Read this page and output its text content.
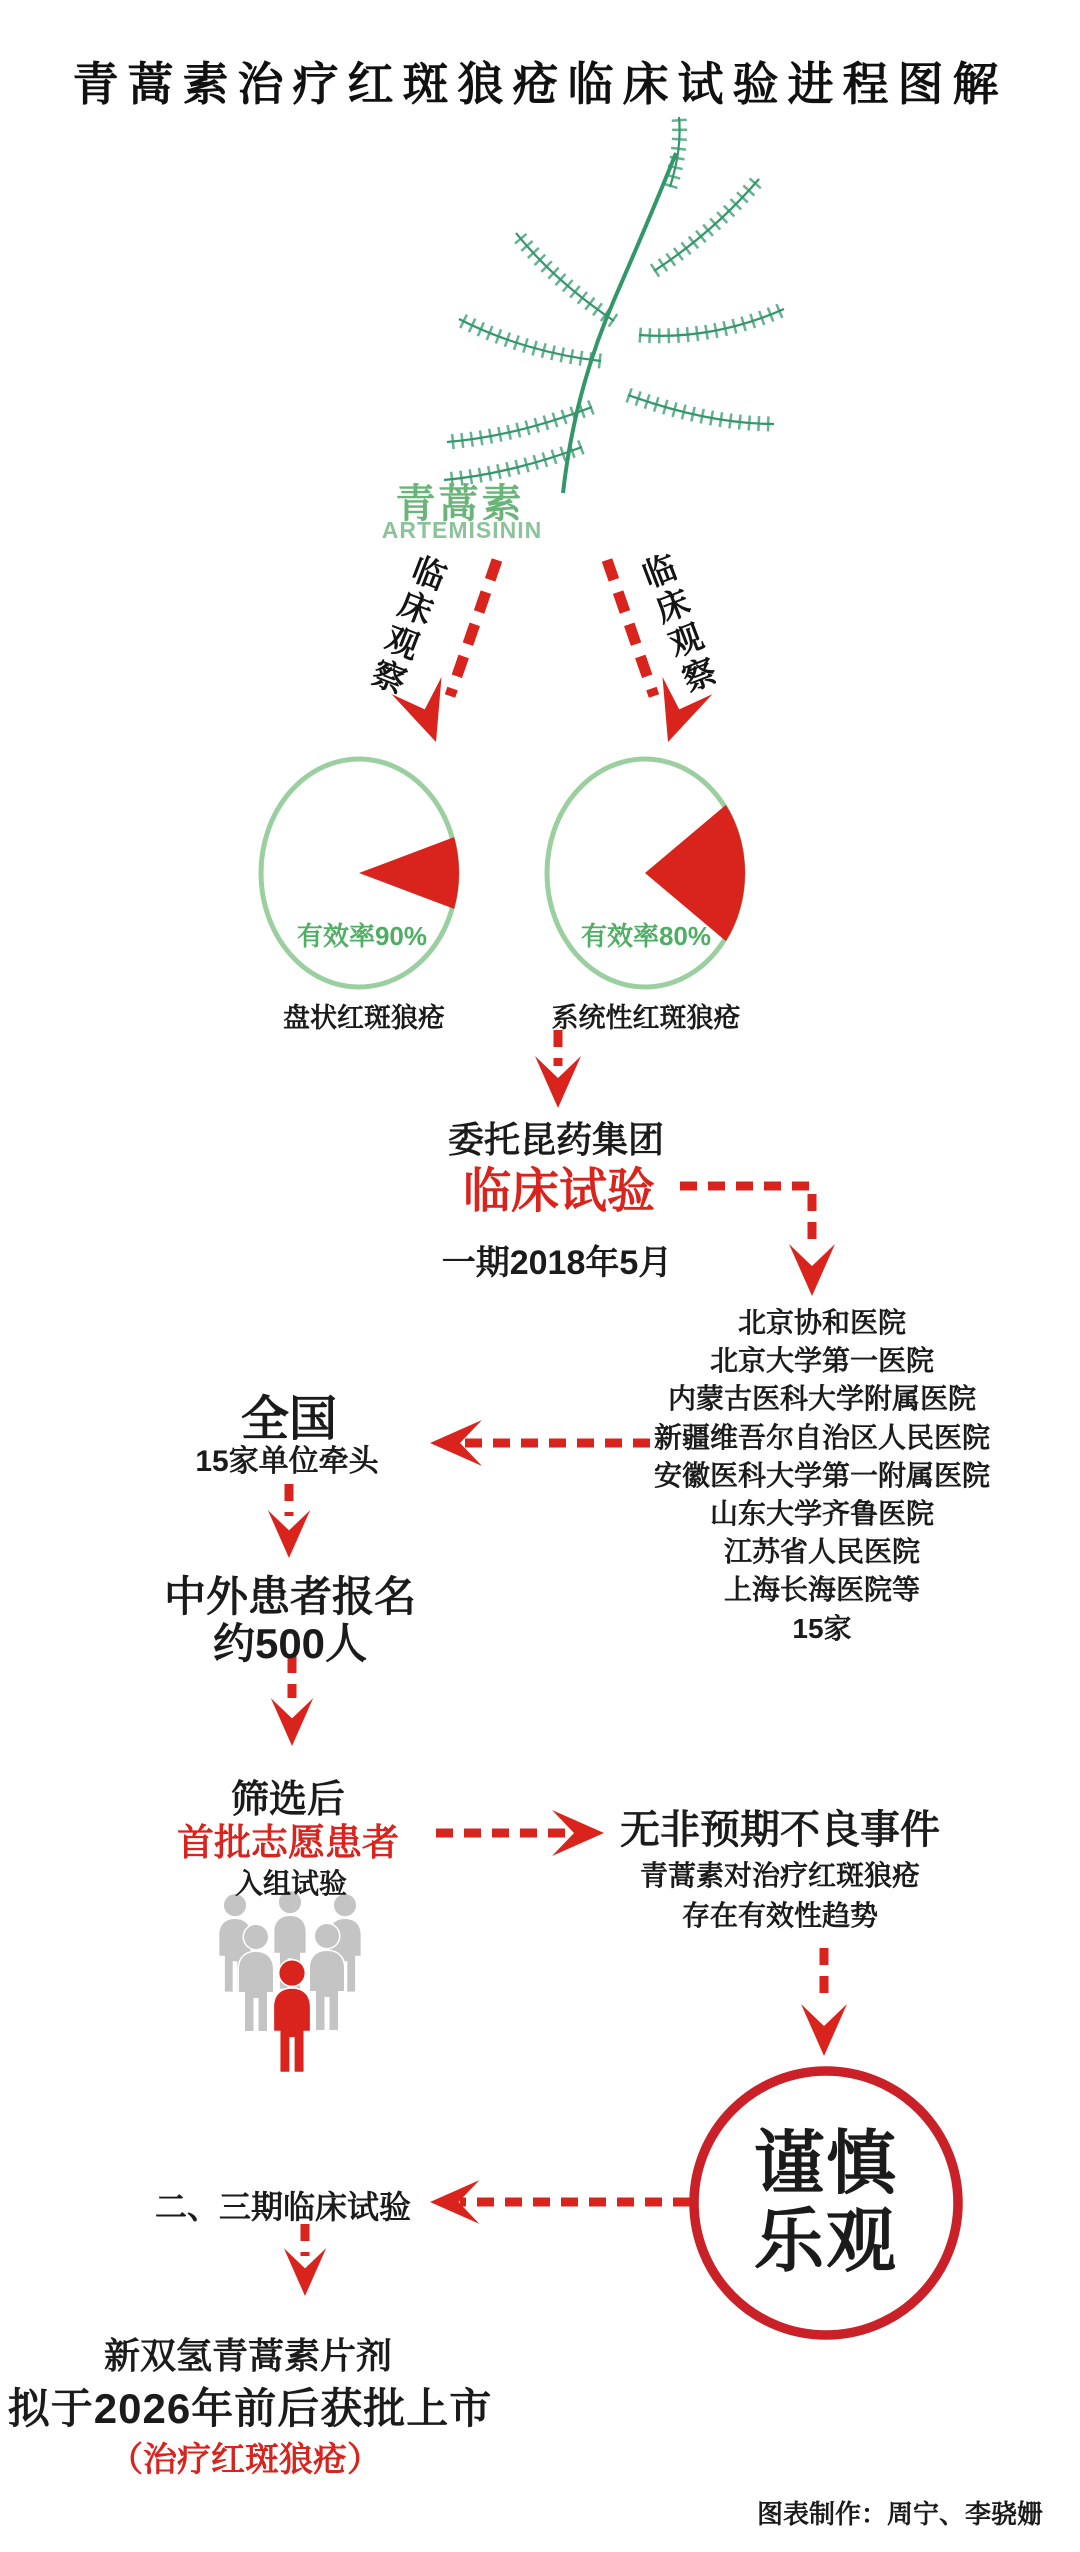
青蒿素治疗红斑狼疮临床试验进程图解
青蒿素
ARTEMISININ
临床观察	临床观察
有效率90%	有效率80%
盘状红斑狼疮	系统性红斑狼疮
委托昆药集团
临床试验
一期2018年5月
北京协和医院
北京大学第一医院
内蒙古医科大学附属医院
新疆维吾尔自治区人民医院
安徽医科大学第一附属医院
山东大学齐鲁医院
江苏省人民医院
上海长海医院等
15家
全国
15家单位牵头
中外患者报名
约500人
筛选后
首批志愿患者
入组试验
无非预期不良事件
青蒿素对治疗红斑狼疮
存在有效性趋势
谨慎
乐观
二、三期临床试验
新双氢青蒿素片剂
拟于2026年前后获批上市
（治疗红斑狼疮）
图表制作：周宁、李骁姗
